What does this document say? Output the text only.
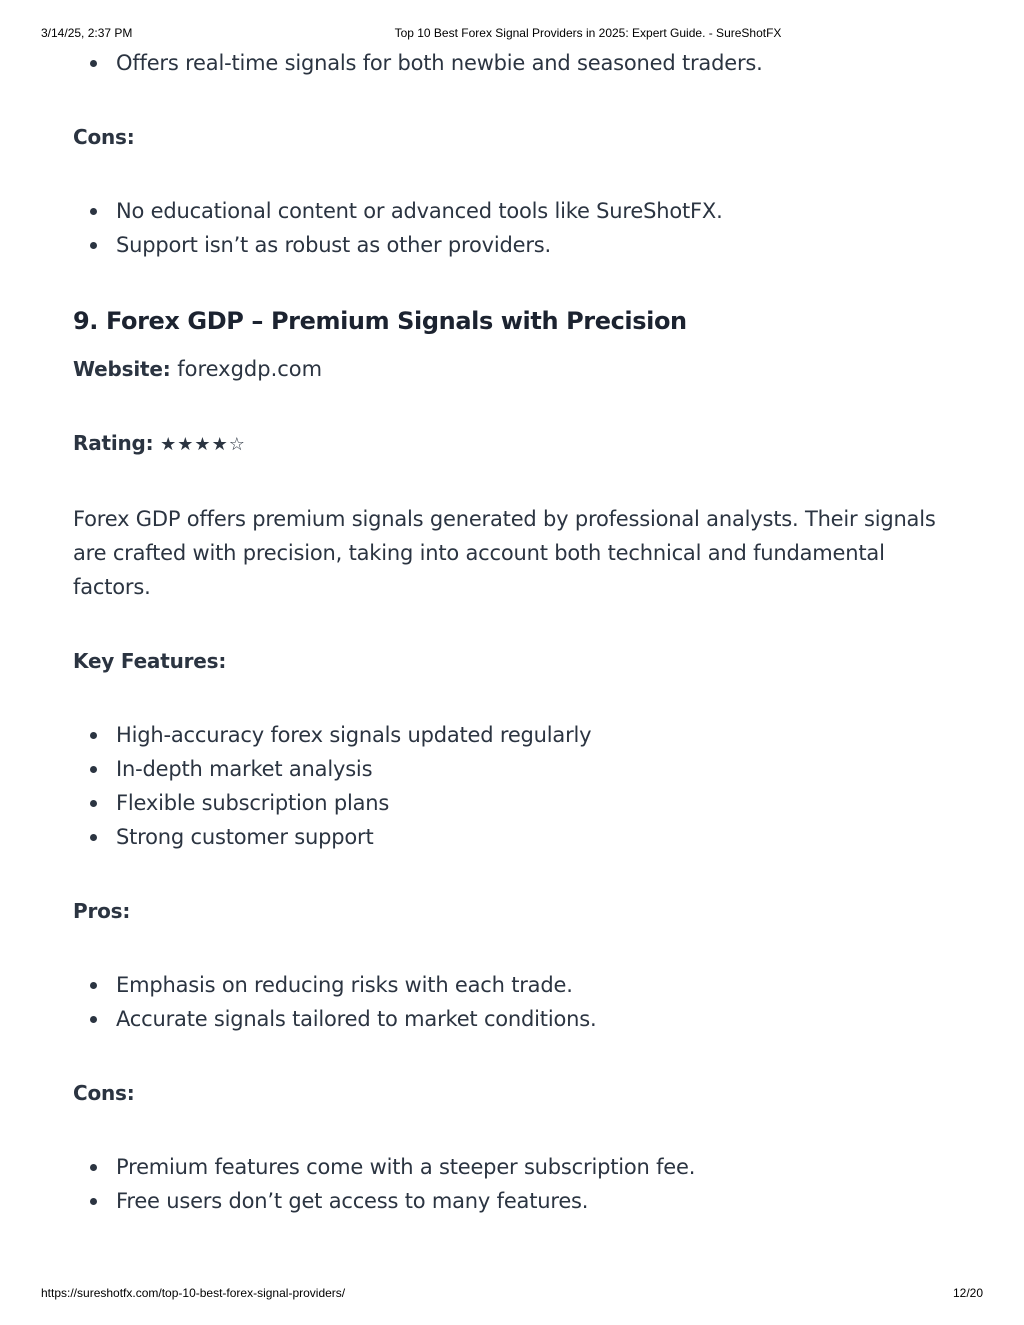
3/14/25, 2:37 PM	Top 10 Best Forex Signal Providers in 2025: Expert Guide. - SureShotFX
Offers real-time signals for both newbie and seasoned traders.
Cons:
No educational content or advanced tools like SureShotFX.
Support isn’t as robust as other providers.
9. Forex GDP – Premium Signals with Precision
Website: forexgdp.com
Rating: ★★★★☆
Forex GDP offers premium signals generated by professional analysts. Their signals are crafted with precision, taking into account both technical and fundamental factors.
Key Features:
High-accuracy forex signals updated regularly
In-depth market analysis
Flexible subscription plans
Strong customer support
Pros:
Emphasis on reducing risks with each trade.
Accurate signals tailored to market conditions.
Cons:
Premium features come with a steeper subscription fee.
Free users don’t get access to many features.
https://sureshotfx.com/top-10-best-forex-signal-providers/	12/20
